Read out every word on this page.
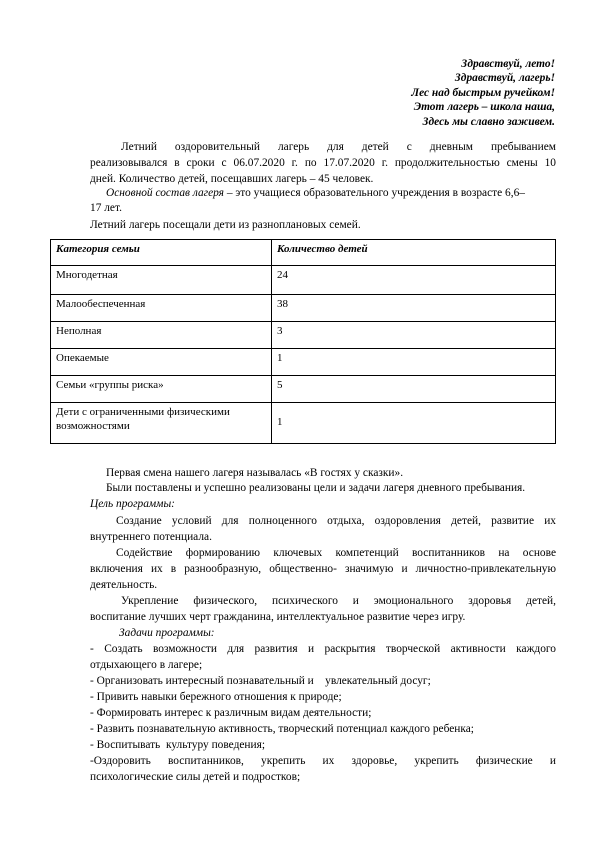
Здравствуй, лето!
Здравствуй, лагерь!
Лес над быстрым ручейком!
Этот лагерь – школа наша,
Здесь мы славно заживем.
Летний оздоровительный лагерь для детей с дневным пребыванием
реализовывался в сроки с 06.07.2020 г. по 17.07.2020 г. продолжительностью смены 10
дней. Количество детей, посещавших лагерь – 45 человек.
Основной состав лагеря – это учащиеся образовательного учреждения в возрасте 6,6–
17 лет.
Летний лагерь посещали дети из разноплановых семей.
Категория семьи	Количество детей
Многодетная	24
Малообеспеченная	38
Неполная	3
Опекаемые	1
Семьи «группы риска»	5
Дети с ограниченными физическими возможностями	1
Первая смена нашего лагеря называлась «В гостях у сказки».
Были поставлены и успешно реализованы цели и задачи лагеря дневного пребывания.
Цель программы:
Создание условий для полноценного отдыха, оздоровления детей, развитие их
внутреннего потенциала.
Содействие формированию ключевых компетенций воспитанников на основе
включения их в разнообразную, общественно- значимую и личностно-привлекательную
деятельность.
Укрепление физического, психического и эмоционального здоровья детей,
воспитание лучших черт гражданина, интеллектуальное развитие через игру.
Задачи программы:
- Создать возможности для развития и раскрытия творческой активности каждого
отдыхающего в лагере;
- Организовать интересный познавательный и    увлекательный досуг;
- Привить навыки бережного отношения к природе;
- Формировать интерес к различным видам деятельности;
- Развить познавательную активность, творческий потенциал каждого ребенка;
- Воспитывать  культуру поведения;
-Оздоровить воспитанников, укрепить их здоровье, укрепить физические и
психологические силы детей и подростков;
